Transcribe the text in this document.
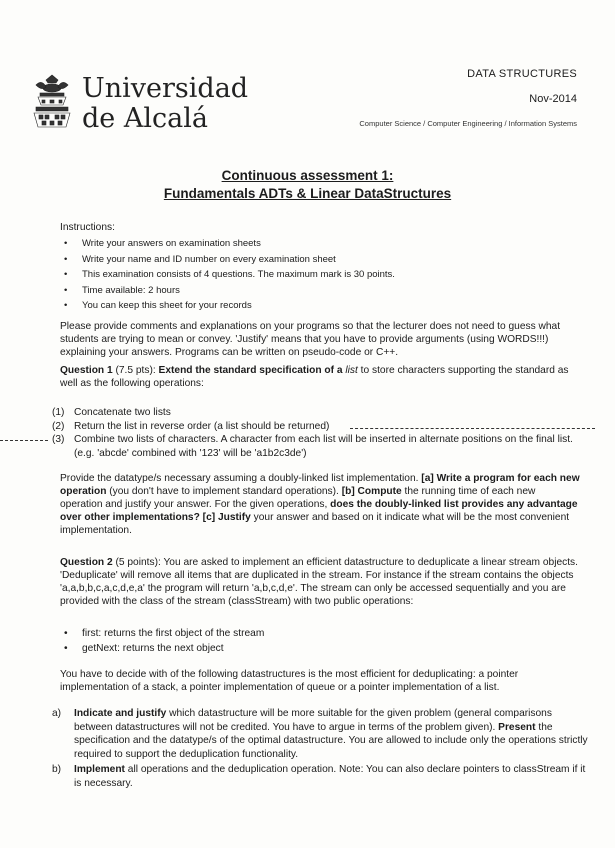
Universidad
de Alcalá
DATA STRUCTURES
Nov-2014
Computer Science / Computer Engineering / Information Systems
Continuous assessment 1:
Fundamentals ADTs & Linear DataStructures
Instructions:
• Write your answers on examination sheets
• Write your name and ID number on every examination sheet
• This examination consists of 4 questions. The maximum mark is 30 points.
• Time available: 2 hours
• You can keep this sheet for your records
Please provide comments and explanations on your programs so that the lecturer does not need to guess what students are trying to mean or convey. 'Justify' means that you have to provide arguments (using WORDS!!!) explaining your answers. Programs can be written on pseudo-code or C++.
Question 1 (7.5 pts): Extend the standard specification of a list to store characters supporting the standard as well as the following operations:
(1) Concatenate two lists
(2) Return the list in reverse order (a list should be returned)
(3) Combine two lists of characters. A character from each list will be inserted in alternate positions on the final list. (e.g. 'abcde' combined with '123' will be 'a1b2c3de')
Provide the datatype/s necessary assuming a doubly-linked list implementation. [a] Write a program for each new operation (you don't have to implement standard operations). [b] Compute the running time of each new operation and justify your answer. For the given operations, does the doubly-linked list provides any advantage over other implementations? [c] Justify your answer and based on it indicate what will be the most convenient implementation.
Question 2 (5 points): You are asked to implement an efficient datastructure to deduplicate a linear stream objects. 'Deduplicate' will remove all items that are duplicated in the stream. For instance if the stream contains the objects 'a,a,b,b,c,a,c,d,e,a' the program will return 'a,b,c,d,e'. The stream can only be accessed sequentially and you are provided with the class of the stream (classStream) with two public operations:
• first: returns the first object of the stream
• getNext: returns the next object
You have to decide with of the following datastructures is the most efficient for deduplicating: a pointer implementation of a stack, a pointer implementation of queue or a pointer implementation of a list.
a) Indicate and justify which datastructure will be more suitable for the given problem (general comparisons between datastructures will not be credited. You have to argue in terms of the problem given). Present the specification and the datatype/s of the optimal datastructure. You are allowed to include only the operations strictly required to support the deduplication functionality.
b) Implement all operations and the deduplication operation. Note: You can also declare pointers to classStream if it is necessary.
